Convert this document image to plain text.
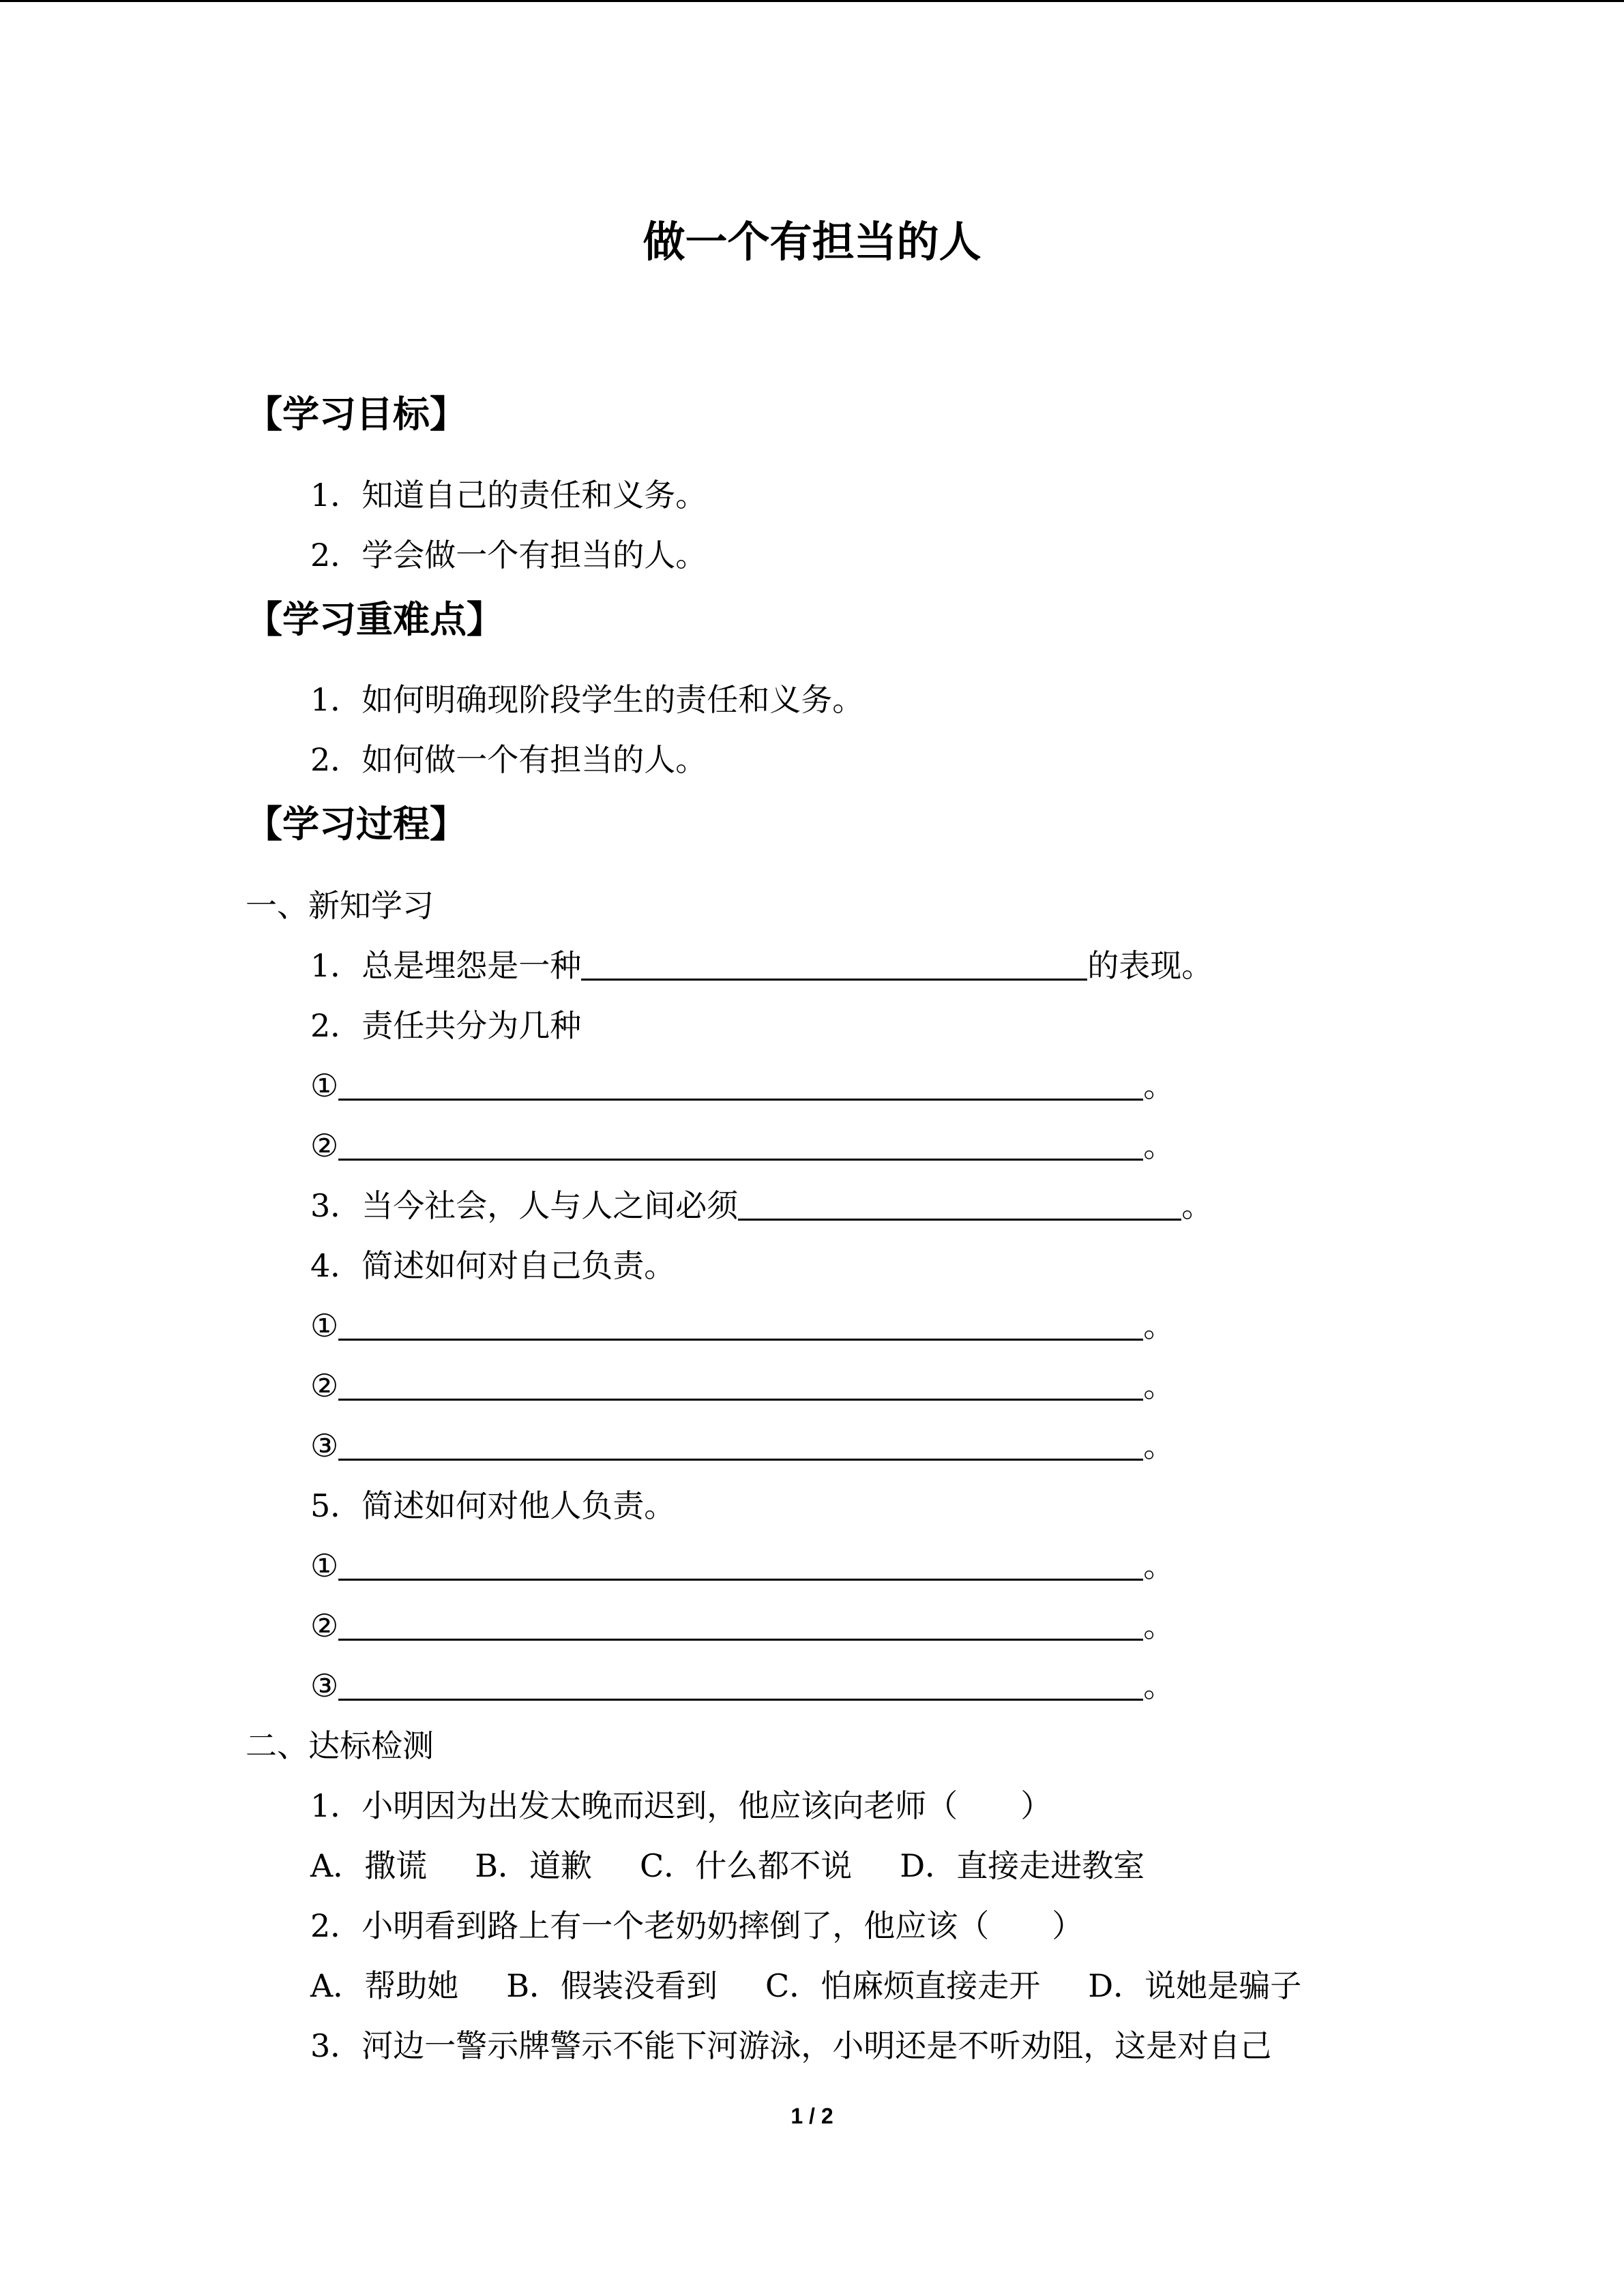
做一个有担当的人
【学习目标】
1．知道自己的责任和义务。
2．学会做一个有担当的人。
【学习重难点】
1．如何明确现阶段学生的责任和义务。
2．如何做一个有担当的人。
【学习过程】
一、新知学习
1．总是埋怨是一种	的表现。
2．责任共分为几种
①	。
②	。
3．当今社会，人与人之间必须	。
4．简述如何对自己负责。
①	。
②	。
③	。
5．简述如何对他人负责。
①	。
②	。
③	。
二、达标检测
1．小明因为出发太晚而迟到，他应该向老师（　　）
A．撒谎 B．道歉 C．什么都不说 D．直接走进教室
2．小明看到路上有一个老奶奶摔倒了，他应该（　　）
A．帮助她 B．假装没看到 C．怕麻烦直接走开 D．说她是骗子
3．河边一警示牌警示不能下河游泳，小明还是不听劝阻，这是对自己
1 / 2
